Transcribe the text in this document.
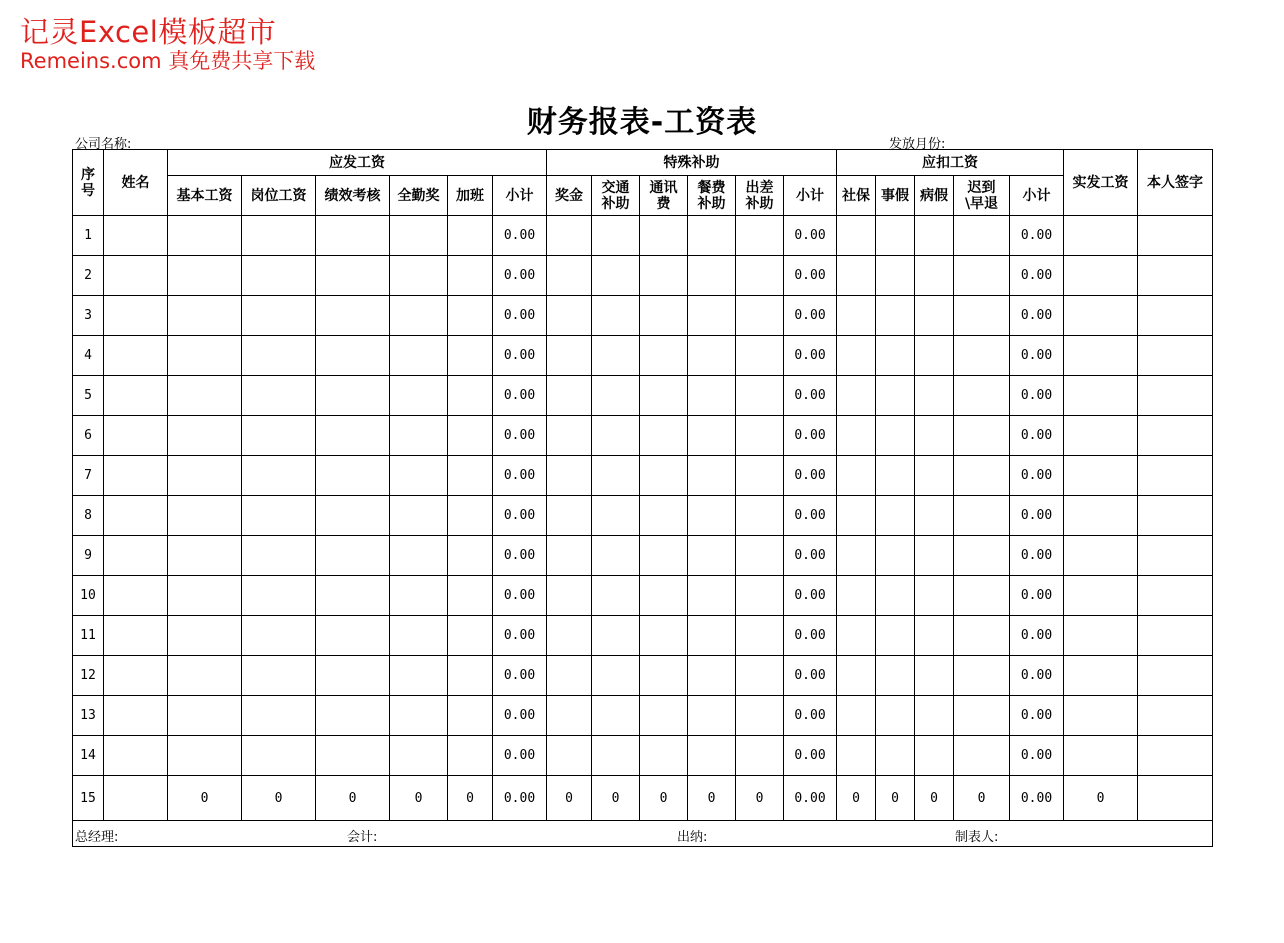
记灵Excel模板超市
Remeins.com 真免费共享下载
财务报表-工资表
公司名称:	发放月份:
序号	姓名	应发工资						特殊补助						应扣工资					实发工资	本人签字
		基本工资	岗位工资	绩效考核	全勤奖	加班	小计	奖金	交通补助	通讯费	餐费补助	出差补助	小计	社保	事假	病假	迟到\早退	小计		
1							0.00						0.00					0.00		
2							0.00						0.00					0.00		
3							0.00						0.00					0.00		
4							0.00						0.00					0.00		
5							0.00						0.00					0.00		
6							0.00						0.00					0.00		
7							0.00						0.00					0.00		
8							0.00						0.00					0.00		
9							0.00						0.00					0.00		
10							0.00						0.00					0.00		
11							0.00						0.00					0.00		
12							0.00						0.00					0.00		
13							0.00						0.00					0.00		
14							0.00						0.00					0.00		
15		0	0	0	0	0	0.00	0	0	0	0	0	0.00	0	0	0	0	0.00	0	

总经理: 会计: 出纳: 制表人:																				
